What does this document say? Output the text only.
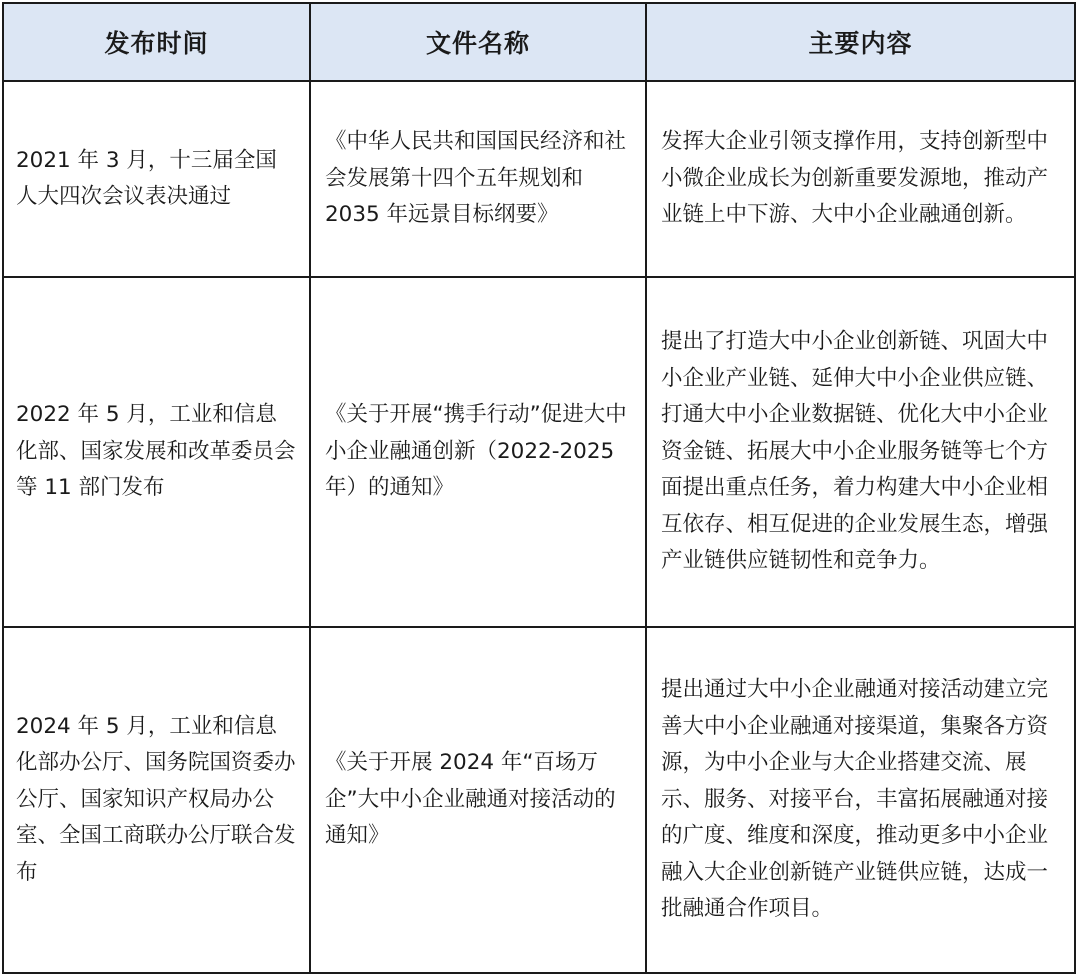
发布时间	文件名称	主要内容
2021 年 3 月，十三届全国人大四次会议表决通过
《中华人民共和国国民经济和社会发展第十四个五年规划和 2035 年远景目标纲要》
发挥大企业引领支撑作用，支持创新型中小微企业成长为创新重要发源地，推动产业链上中下游、大中小企业融通创新。
2022 年 5 月，工业和信息化部、国家发展和改革委员会等 11 部门发布
《关于开展“携手行动”促进大中小企业融通创新（2022-2025 年）的通知》
提出了打造大中小企业创新链、巩固大中小企业产业链、延伸大中小企业供应链、打通大中小企业数据链、优化大中小企业资金链、拓展大中小企业服务链等七个方面提出重点任务，着力构建大中小企业相互依存、相互促进的企业发展生态，增强产业链供应链韧性和竞争力。
2024 年 5 月，工业和信息化部办公厅、国务院国资委办公厅、国家知识产权局办公室、全国工商联办公厅联合发布
《关于开展 2024 年“百场万企”大中小企业融通对接活动的通知》
提出通过大中小企业融通对接活动建立完善大中小企业融通对接渠道，集聚各方资源，为中小企业与大企业搭建交流、展示、服务、对接平台，丰富拓展融通对接的广度、维度和深度，推动更多中小企业融入大企业创新链产业链供应链，达成一批融通合作项目。
